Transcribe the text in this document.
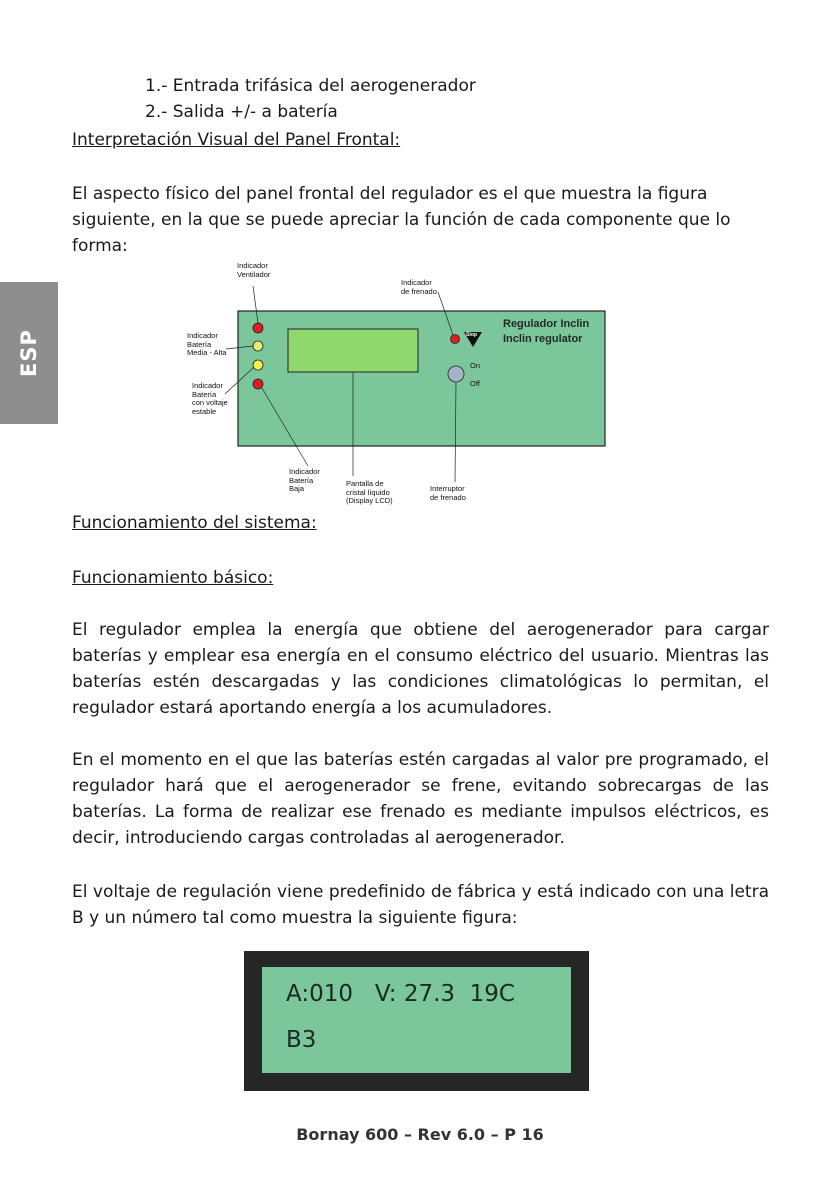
ESP
1.- Entrada trifásica del aerogenerador
2.- Salida +/- a batería
Interpretación Visual del Panel Frontal:
El aspecto físico del panel frontal del regulador es el que muestra la figura
siguiente, en la que se puede apreciar la función de cada componente que lo
forma:
Indicador
Ventilador
Indicador
de frenado
Indicador
Batería
Media - Alta
Indicador
Batería
con voltaje
estable
Indicador
Batería
Baja
Pantalla de
cristal líquido
(Display LCD)
Interruptor
de frenado
Regulador Inclin
Inclin regulator
Stop
On
Off
Funcionamiento del sistema:
Funcionamiento básico:
El regulador emplea la energía que obtiene del aerogenerador para cargar baterías y emplear esa energía en el consumo eléctrico del usuario. Mientras las baterías estén descargadas y las condiciones climatológicas lo permitan, el regulador estará aportando energía a los acumuladores.
En el momento en el que las baterías estén cargadas al valor pre programado, el regulador hará que el aerogenerador se frene, evitando sobrecargas de las baterías. La forma de realizar ese frenado es mediante impulsos eléctricos, es decir, introduciendo cargas controladas al aerogenerador.
El voltaje de regulación viene predefinido de fábrica y está indicado con una letra B y un número tal como muestra la siguiente figura:
A:010   V: 27.3  19C
B3
Bornay 600 – Rev 6.0 – P 16
